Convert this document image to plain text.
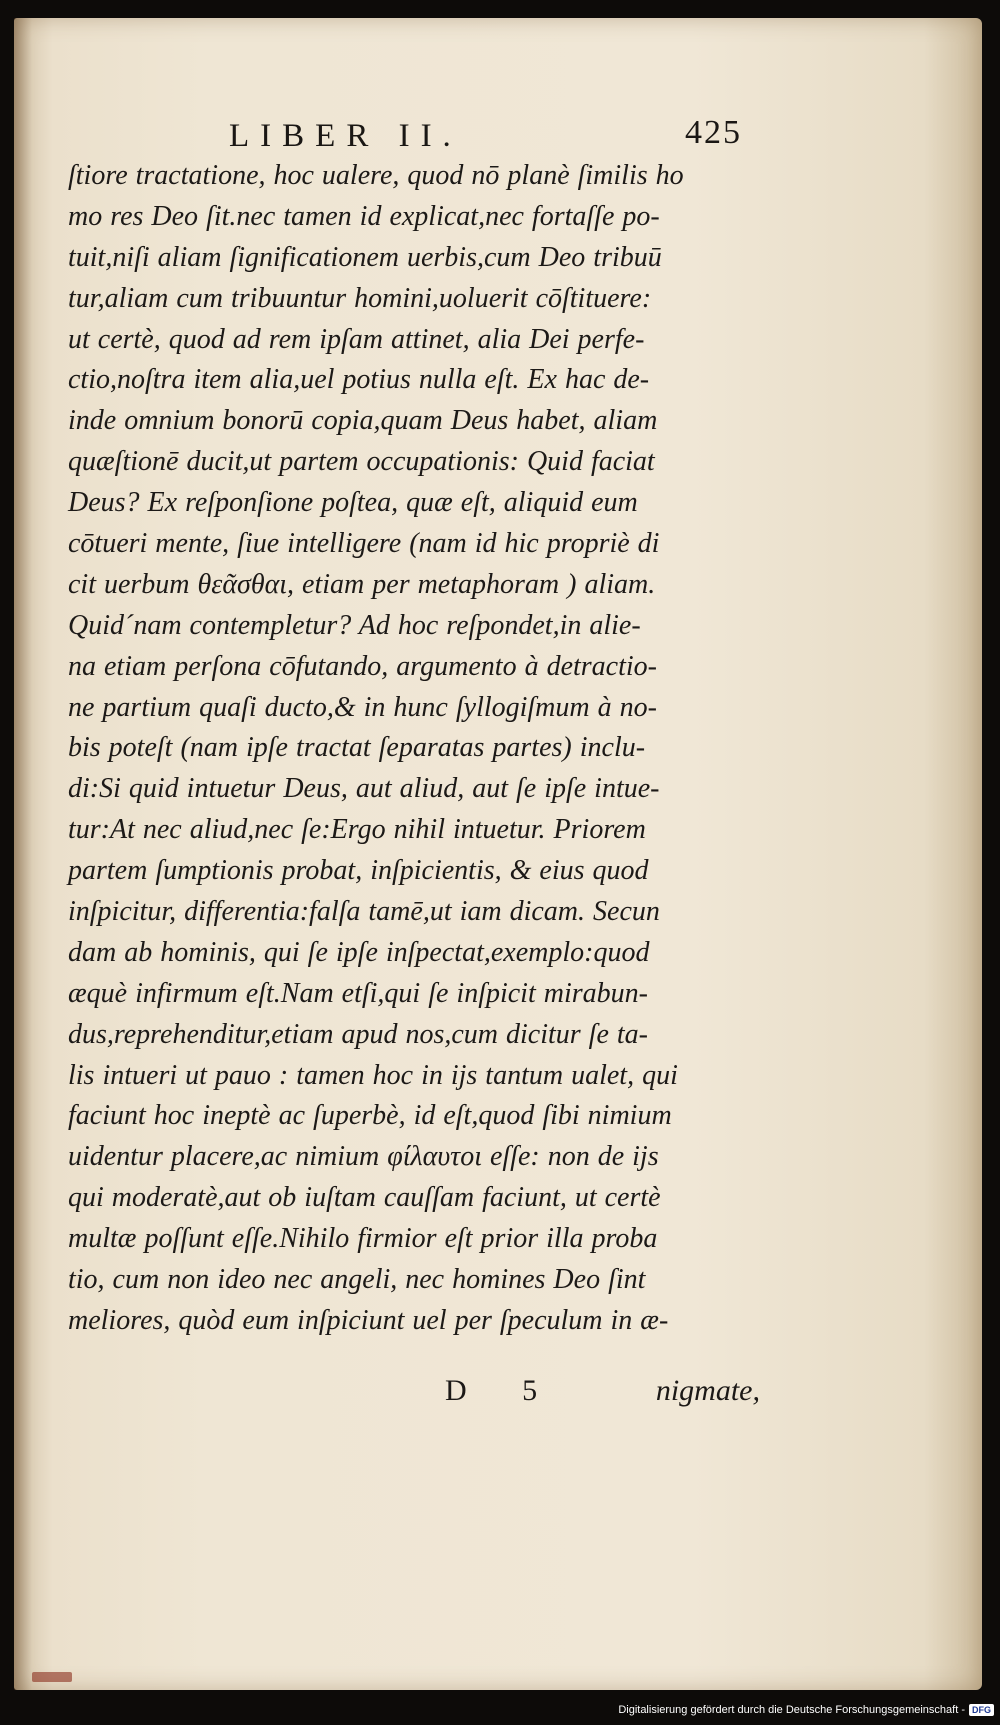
LIBER II.	425
ſtiore tractatione, hoc ualere, quod nō planè ſimilis ho
mo res Deo ſit.nec tamen id explicat,nec fortaſſe po-
tuit,niſi aliam ſignificationem uerbis,cum Deo tribuū
tur,aliam cum tribuuntur homini,uoluerit cōſtituere:
ut certè, quod ad rem ipſam attinet, alia Dei perfe-
ctio,noſtra item alia,uel potius nulla eſt. Ex hac de-
inde omnium bonorū copia,quam Deus habet, aliam
quæſtionē ducit,ut partem occupationis: Quid faciat
Deus? Ex reſponſione poſtea, quæ eſt, aliquid eum
cōtueri mente, ſiue intelligere (nam id hic propriè di
cit uerbum θεᾶσθαι, etiam per metaphoram ) aliam.
Quid´nam contempletur? Ad hoc reſpondet,in alie-
na etiam perſona cōfutando, argumento à detractio-
ne partium quaſi ducto,& in hunc ſyllogiſmum à no-
bis poteſt (nam ipſe tractat ſeparatas partes) inclu-
di:Si quid intuetur Deus, aut aliud, aut ſe ipſe intue-
tur:At nec aliud,nec ſe:Ergo nihil intuetur. Priorem
partem ſumptionis probat, inſpicientis, & eius quod
inſpicitur, differentia:falſa tamē,ut iam dicam. Secun
dam ab hominis, qui ſe ipſe inſpectat,exemplo:quod
æquè infirmum eſt.Nam etſi,qui ſe inſpicit mirabun-
dus,reprehenditur,etiam apud nos,cum dicitur ſe ta-
lis intueri ut pauo : tamen hoc in ijs tantum ualet, qui
faciunt hoc ineptè ac ſuperbè, id eſt,quod ſibi nimium
uidentur placere,ac nimium φίλαυτοι eſſe: non de ijs
qui moderatè,aut ob iuſtam cauſſam faciunt, ut certè
multæ poſſunt eſſe.Nihilo firmior eſt prior illa proba
tio, cum non ideo nec angeli, nec homines Deo ſint
meliores, quòd eum inſpiciunt uel per ſpeculum in æ-
D 5	nigmate,
Digitalisierung gefördert durch die Deutsche Forschungsgemeinschaft - DFG
